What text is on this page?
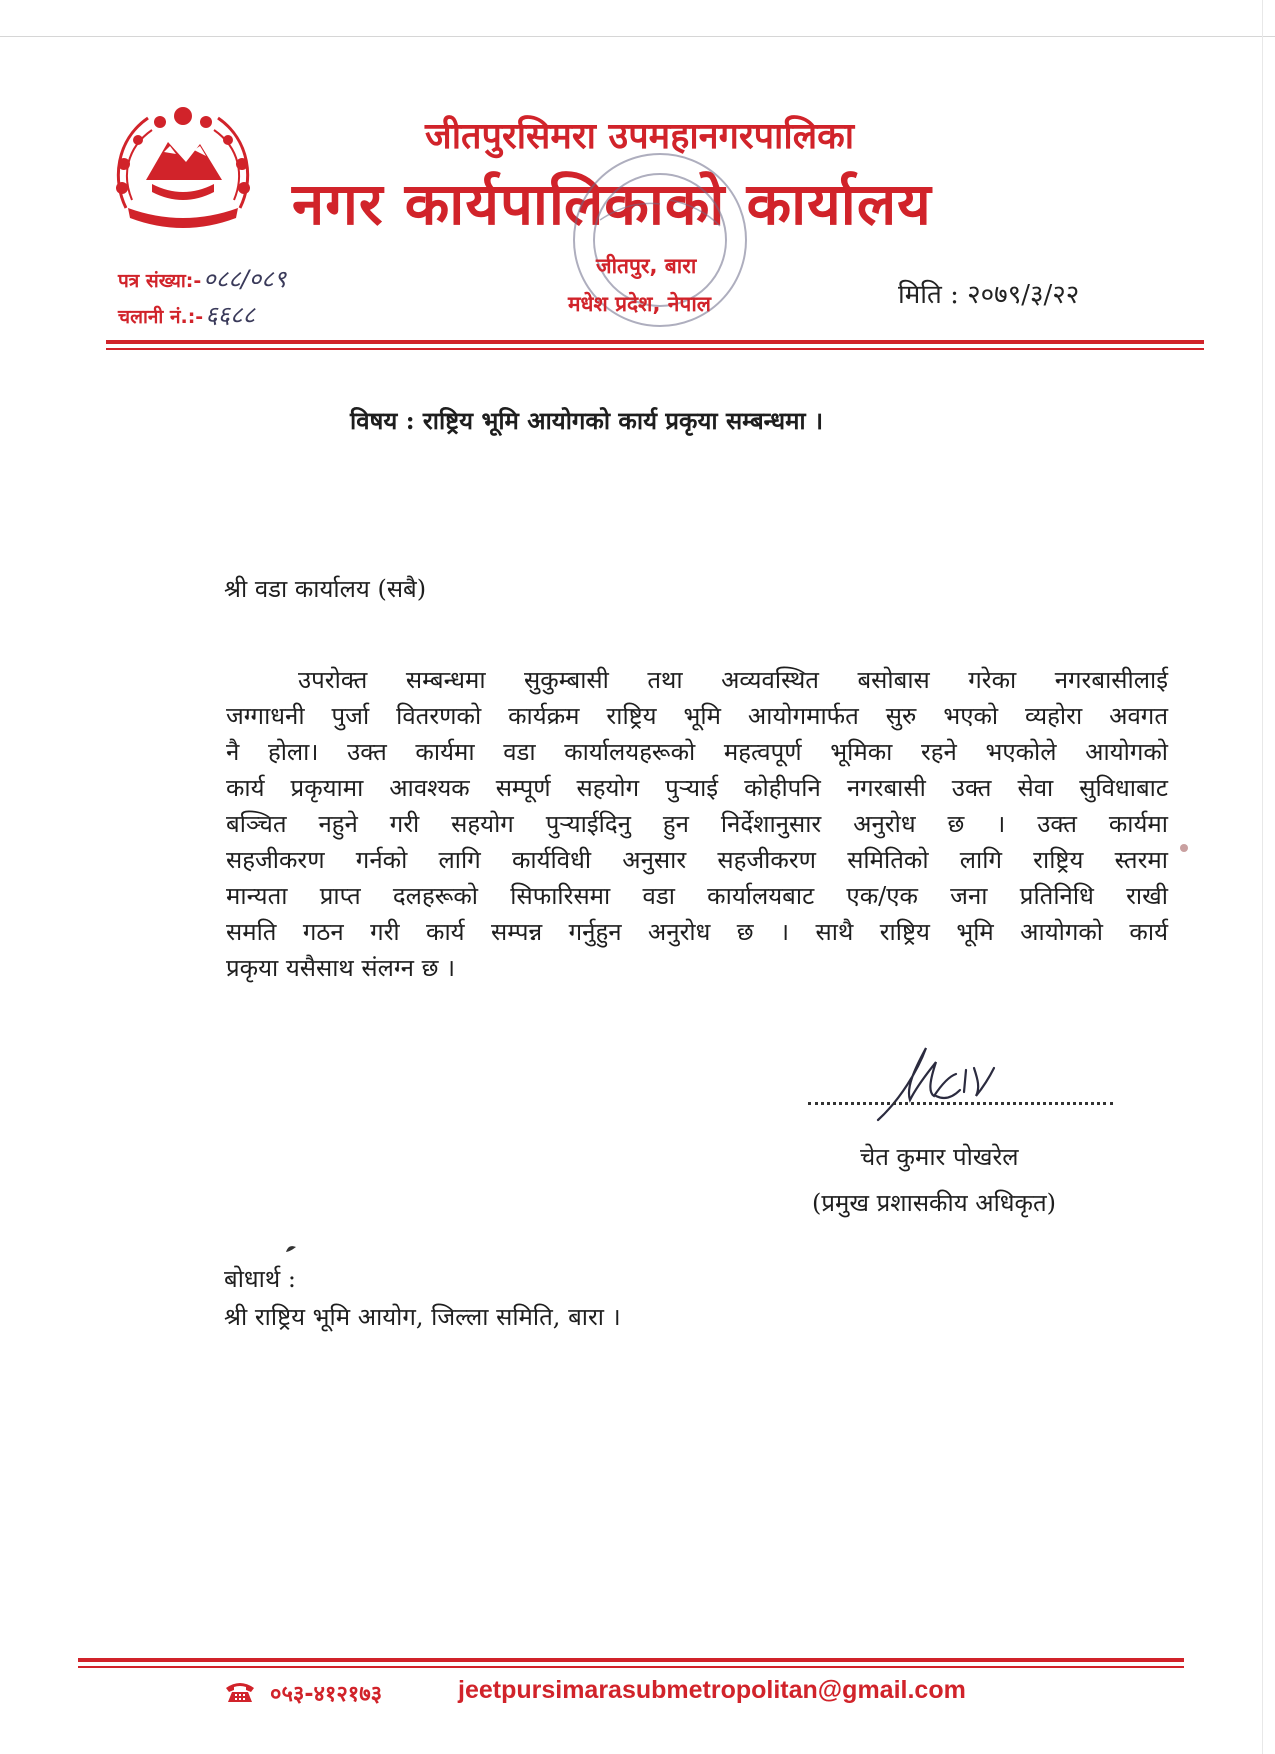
जीतपुरसिमरा उपमहानगरपालिका
नगर कार्यपालिकाको कार्यालय
जीतपुर, बारा
मधेश प्रदेश, नेपाल
पत्र संख्या:-०८८/०८९
चलानी नं.:-६६८८
मिति : २०७९/३/२२
विषय : राष्ट्रिय भूमि आयोगको कार्य प्रकृया सम्बन्धमा ।
श्री वडा कार्यालय (सबै)
उपरोक्त सम्बन्धमा सुकुम्बासी तथा अव्यवस्थित बसोबास गरेका नगरबासीलाई
जग्गाधनी पुर्जा वितरणको कार्यक्रम राष्ट्रिय भूमि आयोगमार्फत सुरु भएको व्यहोरा अवगत
नै होला। उक्त कार्यमा वडा कार्यालयहरूको महत्वपूर्ण भूमिका रहने भएकोले आयोगको
कार्य प्रकृयामा आवश्यक सम्पूर्ण सहयोग पुऱ्याई कोहीपनि नगरबासी उक्त सेवा सुविधाबाट
बञ्चित नहुने गरी सहयोग पुऱ्याईदिनु हुन निर्देशानुसार अनुरोध छ । उक्त कार्यमा
सहजीकरण गर्नको लागि कार्यविधी अनुसार सहजीकरण समितिको लागि राष्ट्रिय स्तरमा
मान्यता प्राप्त दलहरूको सिफारिसमा वडा कार्यालयबाट एक/एक जना प्रतिनिधि राखी
समति गठन गरी कार्य सम्पन्न गर्नुहुन अनुरोध छ । साथै राष्ट्रिय भूमि आयोगको कार्य
प्रकृया यसैसाथ संलग्न छ ।
चेत कुमार पोखरेल
(प्रमुख प्रशासकीय अधिकृत)
बोधार्थ :
श्री राष्ट्रिय भूमि आयोग, जिल्ला समिति, बारा ।
०५३-४१२१७३	jeetpursimarasubmetropolitan@gmail.com
